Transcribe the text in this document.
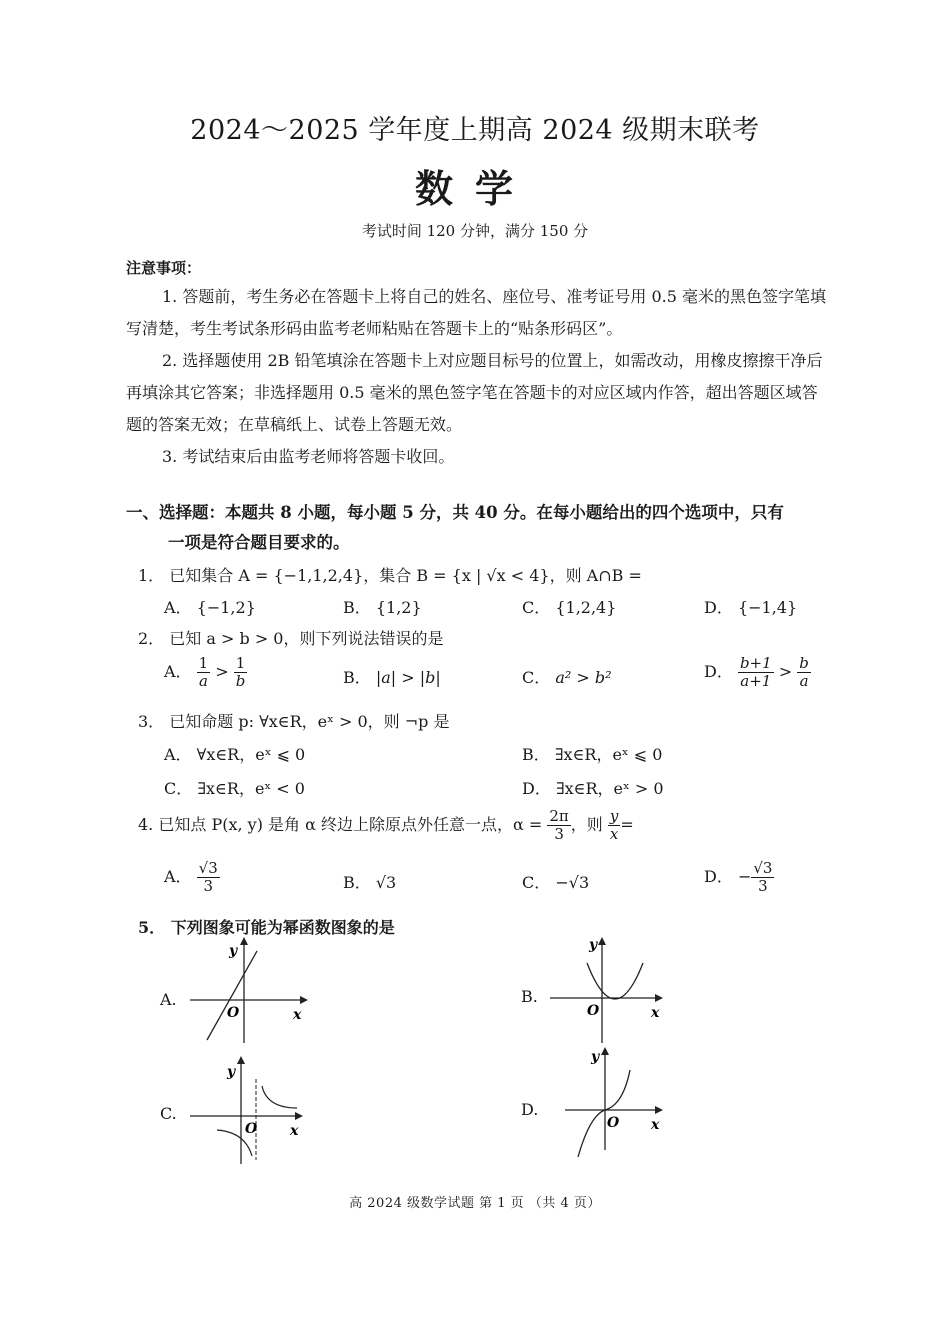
2024～2025 学年度上期高 2024 级期末联考
数学
考试时间 120 分钟，满分 150 分
注意事项：
1. 答题前，考生务必在答题卡上将自己的姓名、座位号、准考证号用 0.5 毫米的黑色签字笔填写清楚，考生考试条形码由监考老师粘贴在答题卡上的“贴条形码区”。
2. 选择题使用 2B 铅笔填涂在答题卡上对应题目标号的位置上，如需改动，用橡皮擦擦干净后再填涂其它答案；非选择题用 0.5 毫米的黑色签字笔在答题卡的对应区域内作答，超出答题区域答题的答案无效；在草稿纸上、试卷上答题无效。
3. 考试结束后由监考老师将答题卡收回。
一、选择题：本题共 8 小题，每小题 5 分，共 40 分。在每小题给出的四个选项中，只有
一项是符合题目要求的。
1． 已知集合 A = {−1,1,2,4}，集合 B = {x | √x < 4}，则 A∩B =
A． {−1,2}	B． {1,2}	C． {1,2,4}	D． {−1,4}
2． 已知 a > b > 0，则下列说法错误的是
A． $\frac{1}{a} > \frac{1}{b}$	B． |a| > |b|	C． a² > b²	D． $\frac{b+1}{a+1} > \frac{b}{a}$
3． 已知命题 p: ∀x∈R，eˣ > 0，则 ¬p 是
A． ∀x∈R，eˣ ⩽ 0	B． ∃x∈R，eˣ ⩽ 0
C． ∃x∈R，eˣ < 0	D． ∃x∈R，eˣ > 0
4. 已知点 P(x, y) 是角 α 终边上除原点外任意一点，$\alpha = \frac{2\pi}{3}$ ，则 $\frac{y}{x}$ =
A． $\frac{√3}{3}$	B． √3	C． −√3	D． − $\frac{√3}{3}$
5． 下列图象可能为幂函数图象的是
A.
y
O	x
B.
y
O	x
C.
y
O x
D.
y
O x
高 2024 级数学试题 第 1 页 （共 4 页）
